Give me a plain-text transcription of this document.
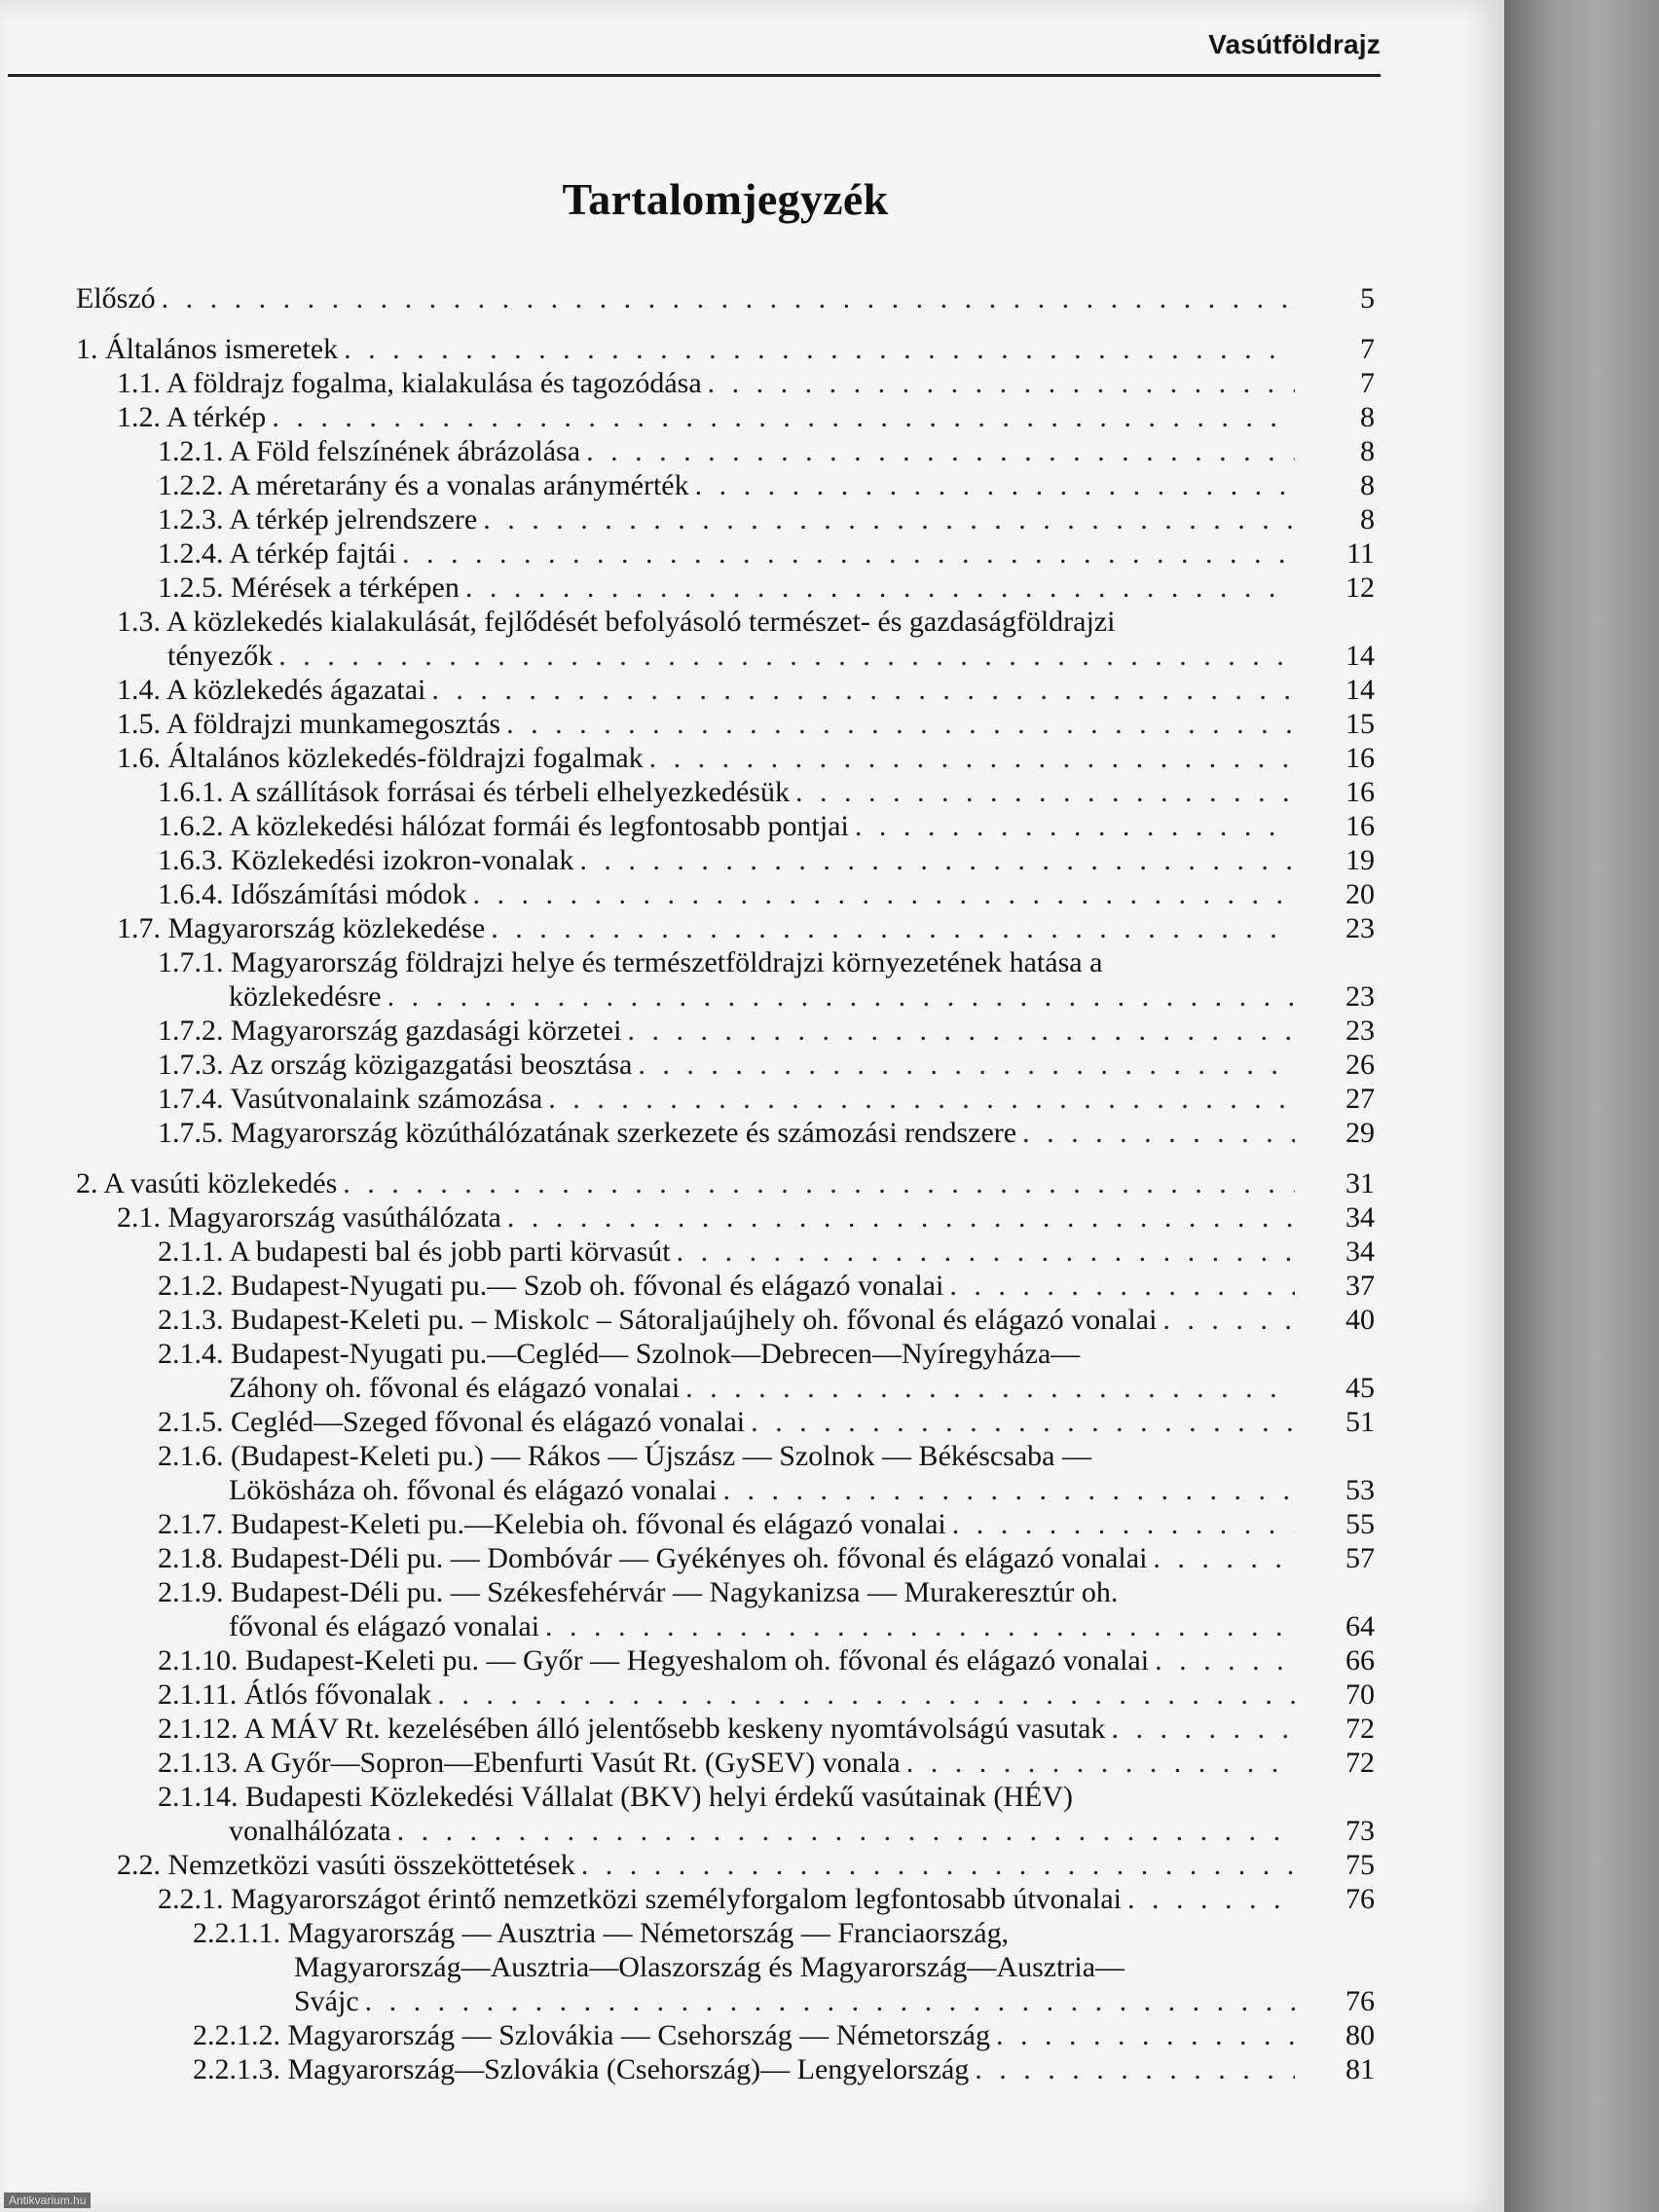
Vasútföldrajz
Tartalomjegyzék
Előszó . . .	5
1. Általános ismeretek . . .	7
1.1. A földrajz fogalma, kialakulása és tagozódása . . .	7
1.2. A térkép . . .	8
1.2.1. A Föld felszínének ábrázolása . . .	8
1.2.2. A méretarány és a vonalas aránymérték . . .	8
1.2.3. A térkép jelrendszere . . .	8
1.2.4. A térkép fajtái . . .	11
1.2.5. Mérések a térképen . . .	12
1.3. A közlekedés kialakulását, fejlődését befolyásoló természet- és gazdaságföldrajzi
tényezők . . .	14
1.4. A közlekedés ágazatai . . .	14
1.5. A földrajzi munkamegosztás . . .	15
1.6. Általános közlekedés-földrajzi fogalmak . . .	16
1.6.1. A szállítások forrásai és térbeli elhelyezkedésük . . .	16
1.6.2. A közlekedési hálózat formái és legfontosabb pontjai . . .	16
1.6.3. Közlekedési izokron-vonalak . . .	19
1.6.4. Időszámítási módok . . .	20
1.7. Magyarország közlekedése . . .	23
1.7.1. Magyarország földrajzi helye és természetföldrajzi környezetének hatása a
közlekedésre . . .	23
1.7.2. Magyarország gazdasági körzetei . . .	23
1.7.3. Az ország közigazgatási beosztása . . .	26
1.7.4. Vasútvonalaink számozása . . .	27
1.7.5. Magyarország közúthálózatának szerkezete és számozási rendszere . . .	29
2. A vasúti közlekedés . . .	31
2.1. Magyarország vasúthálózata . . .	34
2.1.1. A budapesti bal és jobb parti körvasút . . .	34
2.1.2. Budapest-Nyugati pu.— Szob oh. fővonal és elágazó vonalai . . .	37
2.1.3. Budapest-Keleti pu. – Miskolc – Sátoraljaújhely oh. fővonal és elágazó vonalai . . .	40
2.1.4. Budapest-Nyugati pu.—Cegléd— Szolnok—Debrecen—Nyíregyháza—
Záhony oh. fővonal és elágazó vonalai . . .	45
2.1.5. Cegléd—Szeged fővonal és elágazó vonalai . . .	51
2.1.6. (Budapest-Keleti pu.) — Rákos — Újszász — Szolnok — Békéscsaba —
Lökösháza oh. fővonal és elágazó vonalai . . .	53
2.1.7. Budapest-Keleti pu.—Kelebia oh. fővonal és elágazó vonalai . . .	55
2.1.8. Budapest-Déli pu. — Dombóvár — Gyékényes oh. fővonal és elágazó vonalai . . .	57
2.1.9. Budapest-Déli pu. — Székesfehérvár — Nagykanizsa — Murakeresztúr oh.
fővonal és elágazó vonalai . . .	64
2.1.10. Budapest-Keleti pu. — Győr — Hegyeshalom oh. fővonal és elágazó vonalai . . .	66
2.1.11. Átlós fővonalak . . .	70
2.1.12. A MÁV Rt. kezelésében álló jelentősebb keskeny nyomtávolságú vasutak . . .	72
2.1.13. A Győr—Sopron—Ebenfurti Vasút Rt. (GySEV) vonala . . .	72
2.1.14. Budapesti Közlekedési Vállalat (BKV) helyi érdekű vasútainak (HÉV)
vonalhálózata . . .	73
2.2. Nemzetközi vasúti összeköttetések . . .	75
2.2.1. Magyarországot érintő nemzetközi személyforgalom legfontosabb útvonalai . . .	76
2.2.1.1. Magyarország — Ausztria — Németország — Franciaország,
Magyarország—Ausztria—Olaszország és Magyarország—Ausztria—
Svájc . . .	76
2.2.1.2. Magyarország — Szlovákia — Csehország — Németország . . .	80
2.2.1.3. Magyarország—Szlovákia (Csehország)— Lengyelország . . .	81
Antikvarium.hu
